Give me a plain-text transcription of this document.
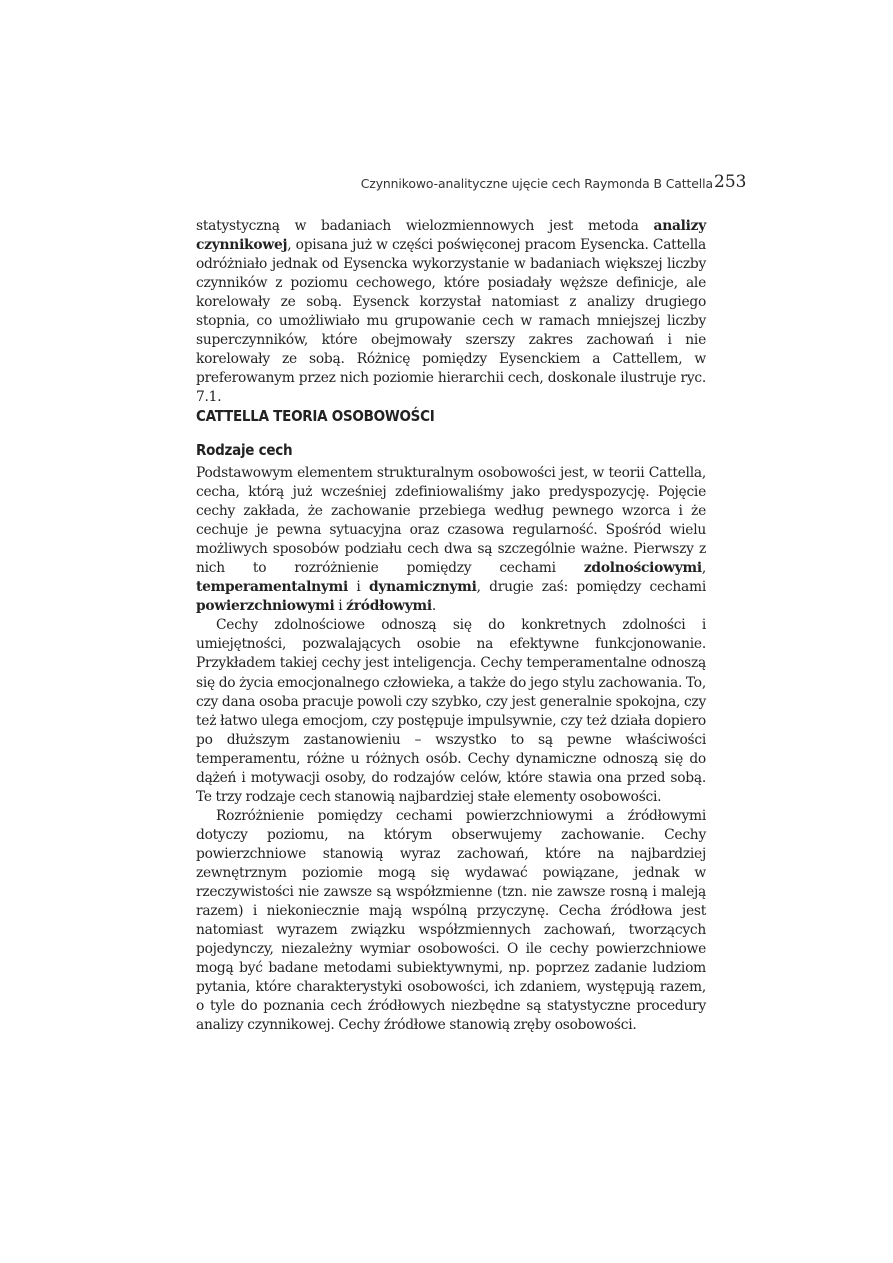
Czynnikowo-analityczne ujęcie cech Raymonda B Cattella 253

statystyczną w badaniach wielozmiennowych jest metoda analizy czynnikowej, opisana już w części poświęconej pracom Eysencka. Cattella odróżniało jednak od Eysencka wykorzystanie w badaniach większej liczby czynników z poziomu cechowego, które posiadały węższe definicje, ale korelowały ze sobą. Eysenck korzystał natomiast z analizy drugiego stopnia, co umożliwiało mu grupowanie cech w ramach mniejszej liczby superczynników, które obejmowały szerszy zakres zachowań i nie korelowały ze sobą. Różnicę pomiędzy Eysenckiem a Cattellem, w preferowanym przez nich poziomie hierarchii cech, doskonale ilustruje ryc. 7.1.

CATTELLA TEORIA OSOBOWOŚCI
Rodzaje cech

Podstawowym elementem strukturalnym osobowości jest, w teorii Cattella, cecha, którą już wcześniej zdefiniowaliśmy jako predyspozycję. Pojęcie cechy zakłada, że zachowanie przebiega według pewnego wzorca i że cechuje je pewna sytuacyjna oraz czasowa regularność. Spośród wielu możliwych sposobów podziału cech dwa są szczególnie ważne. Pierwszy z nich to rozróżnienie pomiędzy cechami zdolnościowymi, temperamentalnymi i dynamicznymi, drugie zaś: pomiędzy cechami powierzchniowymi i źródłowymi.

Cechy zdolnościowe odnoszą się do konkretnych zdolności i umiejętności, pozwalających osobie na efektywne funkcjonowanie. Przykładem takiej cechy jest inteligencja. Cechy temperamentalne odnoszą się do życia emocjonalnego człowieka, a także do jego stylu zachowania. To, czy dana osoba pracuje powoli czy szybko, czy jest generalnie spokojna, czy też łatwo ulega emocjom, czy postępuje impulsywnie, czy też działa dopiero po dłuższym zastanowieniu – wszystko to są pewne właściwości temperamentu, różne u różnych osób. Cechy dynamiczne odnoszą się do dążeń i motywacji osoby, do rodzajów celów, które stawia ona przed sobą. Te trzy rodzaje cech stanowią najbardziej stałe elementy osobowości.

Rozróżnienie pomiędzy cechami powierzchniowymi a źródłowymi dotyczy poziomu, na którym obserwujemy zachowanie. Cechy powierzchniowe stanowią wyraz zachowań, które na najbardziej zewnętrznym poziomie mogą się wydawać powiązane, jednak w rzeczywistości nie zawsze są współzmienne (tzn. nie zawsze rosną i maleją razem) i niekoniecznie mają wspólną przyczynę. Cecha źródłowa jest natomiast wyrazem związku współzmiennych zachowań, tworzących pojedynczy, niezależny wymiar osobowości. O ile cechy powierzchniowe mogą być badane metodami subiektywnymi, np. poprzez zadanie ludziom pytania, które charakterystyki osobowości, ich zdaniem, występują razem, o tyle do poznania cech źródłowych niezbędne są statystyczne procedury analizy czynnikowej. Cechy źródłowe stanowią zręby osobowości.
